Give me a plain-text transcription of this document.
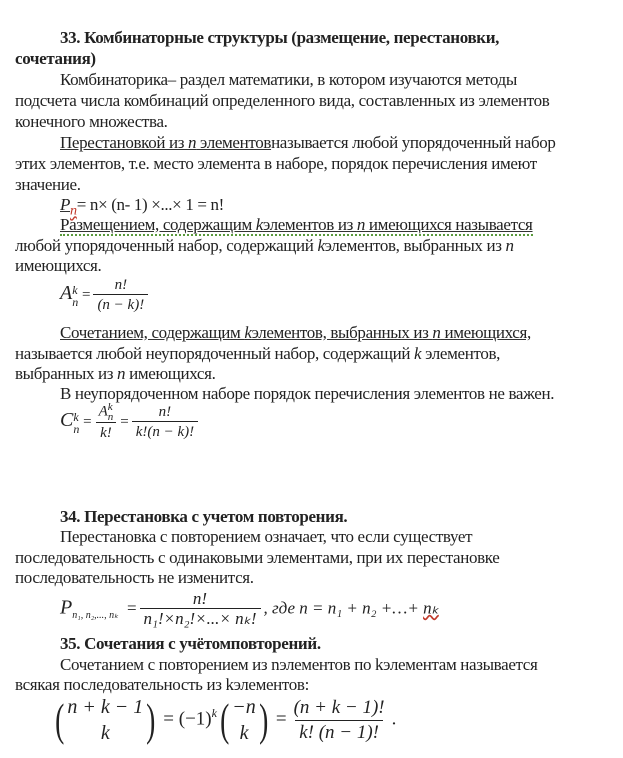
33. Комбинаторные структуры (размещение, перестановки,
сочетания)
Комбинаторика– раздел математики, в котором изучаются методы
подсчета числа комбинаций определенного вида, составленных из элементов
конечного множества.
Перестановкой из n элементовназывается любой упорядоченный набор
этих элементов, т.е. место элемента в наборе, порядок перечисления имеют
значение.
$P_n= n\times (n-$ 1) ×...× 1 = n!
Размещением, содержащим kэлементов из n имеющихся называется
любой упорядоченный набор, содержащий kэлементов, выбранных из n
имеющихся.
A k
$n = \frac{n!}{(n - k)!}$
Сочетанием, содержащим kэлементов, выбранных из n имеющихся,
называется любой неупорядоченный набор, содержащий k элементов,
выбранных из n имеющихся.
В неупорядоченном наборе порядок перечисления элементов не важен.
C k
n = A k
n
k! = $\frac{n!}{k!(n - k)!}$
34. Перестановка с учетом повторения.
Перестановка с повторением означает, что если существует
последовательность с одинаковыми элементами, при их перестановке
последовательность не изменится.
$P_{n_1, n_2,..., n_k} = \frac{n!}{\text{n₁!×n₂!×...× nₖ!}}$ , где n = n₁ + n₂ +…+ nₖ
35. Сочетания с учётомповторений.
Сочетанием с повторением из nэлементов по kэлементам называется
всякая последовательность из kэлементов:
( n + k − 1
k ) = $(-1)^k( -n$
k ) = $\frac{(n + k - 1)!}{k! (n - 1)!}$ .
